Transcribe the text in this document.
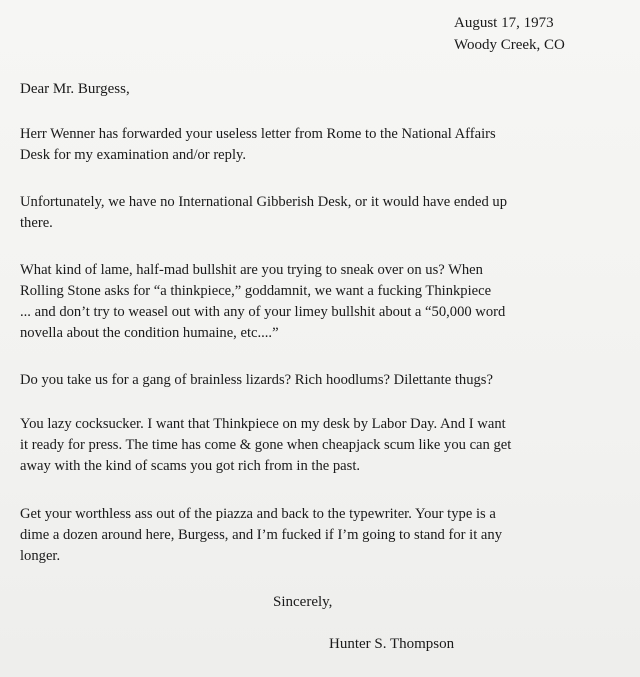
August 17, 1973
Woody Creek, CO
Dear Mr. Burgess,

Herr Wenner has forwarded your useless letter from Rome to the National Affairs
Desk for my examination and/or reply.

Unfortunately, we have no International Gibberish Desk, or it would have ended up
there.

What kind of lame, half-mad bullshit are you trying to sneak over on us? When
Rolling Stone asks for “a thinkpiece,” goddamnit, we want a fucking Thinkpiece
... and don’t try to weasel out with any of your limey bullshit about a “50,000 word
novella about the condition humaine, etc....”

Do you take us for a gang of brainless lizards? Rich hoodlums? Dilettante thugs?

You lazy cocksucker. I want that Thinkpiece on my desk by Labor Day. And I want
it ready for press. The time has come & gone when cheapjack scum like you can get
away with the kind of scams you got rich from in the past.

Get your worthless ass out of the piazza and back to the typewriter. Your type is a
dime a dozen around here, Burgess, and I’m fucked if I’m going to stand for it any
longer.

Sincerely,
Hunter S. Thompson
